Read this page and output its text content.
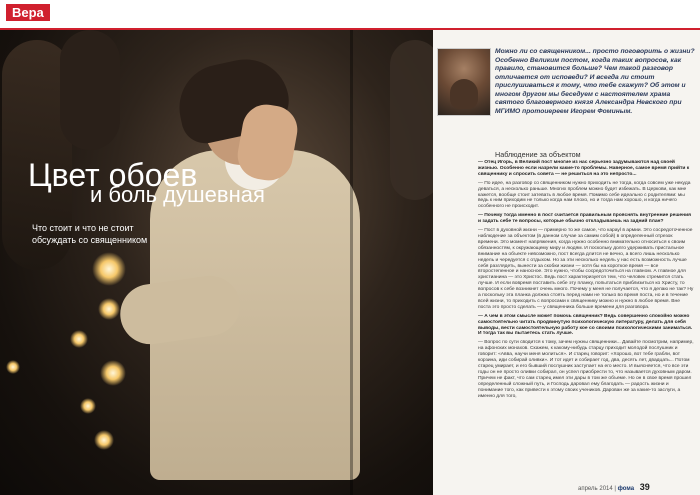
Вера
Цвет обоев
и боль душевная
Что стоит и что не стоит обсуждать со священником
Можно ли со священником... просто поговорить о жизни? Особенно Великим постом, когда таких вопросов, как правило, становится больше? Чем такой разговор отличается от исповеди? И всегда ли стоит прислушиваться к тому, что тебе скажут? Об этом и многом другом мы беседуем с настоятелем храма святого благоверного князя Александра Невского при МГИМО протоиереем Игорем Фоминым.
Наблюдение за объектом

— Отец Игорь, в Великий пост многие из нас серьезно задумываются над своей жизнью. Особенно если назрели какие-то проблемы. Наверное, самое время прийти к священнику и спросить совета — не решиться на это непросто...

— По идее, на разговор со священником нужно приходить не тогда, когда совсем уже некуда деваться, а несколько раньше. Многих проблем можно будет избежать. В Церкови, как мне кажется, вообще стоит затевать в любое время. Помимо себе идеально с родителями: мы ведь к ним приходим не только когда нам плохо, но и тогда нам хорошо, и когда ничего особенного не происходит.

— Почему тогда именно в пост считается правильным прояснять внутренние решения и задать себе те вопросы, которые обычно откладываешь на задний план?

— Пост в духовной жизни — примерно то же самое, что карауl в армии. Это сосредоточенное наблюдение за объектом (в данном случае за самим собой) в определенный отрезок времени. Это момент напряжения, когда нужно особенно внимательно относиться к своим обязанностям, к окружающему миру и людям. И поскольку долго удерживать пристальное внимание на объекте невозможно, пост всегда длится не вечно, а всего лишь несколько недель и чередуется с отдыхом. Но за эти несколько недель у нас есть возможность лучше себя разглядеть, вынести за скобки жизни — хотя бы на короткое время — все второстепенное и наносное. Это нужно, чтобы сосредоточиться на главном. А главное для христианина — это Христос. Ведь пост характеризуется тем, что человек стремится стать лучше. И если вовремя поставить себе эту планку, попытаться приблизиться ко Христу, то вопросов к себе возникнет очень много. Почему у меня не получается, что я делаю не так? Ну а поскольку эта планка должна стоять перед нами не только во время поста, но и в течение всей жизни, то приходить с вопросами к священнику можно и нужно в любое время. Вне поста это просто сделать — у священника больше времени для разговора.

— А чем в этом смысле может помочь священник? Ведь совершенно спокойно можно самостоятельно читать продвинутую психологическую литературу, делать для себя выводы, вести самостоятельную работу кое со своими психологическими заниматься. И тогда так вы пытаетесь стать лучше.

— Вопрос по сути сводится к тому, зачем нужны священники... Давайте посмотрим, например, на афонских монахов. Скажем, к какому-нибудь старцу приходит молодой послушник и говорит: «Авва, научи меня молиться». И старец говорит: «Хорошо, вот тебе грабли, вот корзина, иди собирай оливки». И тот идет и собирает год, два, десять лет, двадцать... Потом старец умирает, и его бывший послушник заступает на его место. И выясняется, что все эти годы он не просто оливки собирал, он успел приобрести то, что называется духовным даром. Причем не факт, что сам старец имел эти дары в том же объеме. Но он в свое время прошел определенный сложный путь, и Господь даровал ему благодать — радость жизни и понимание того, как привести к этому своих учеников. Дарован же за какие-то заслуги, а именно для того,

апрель 2014 | фома 39
